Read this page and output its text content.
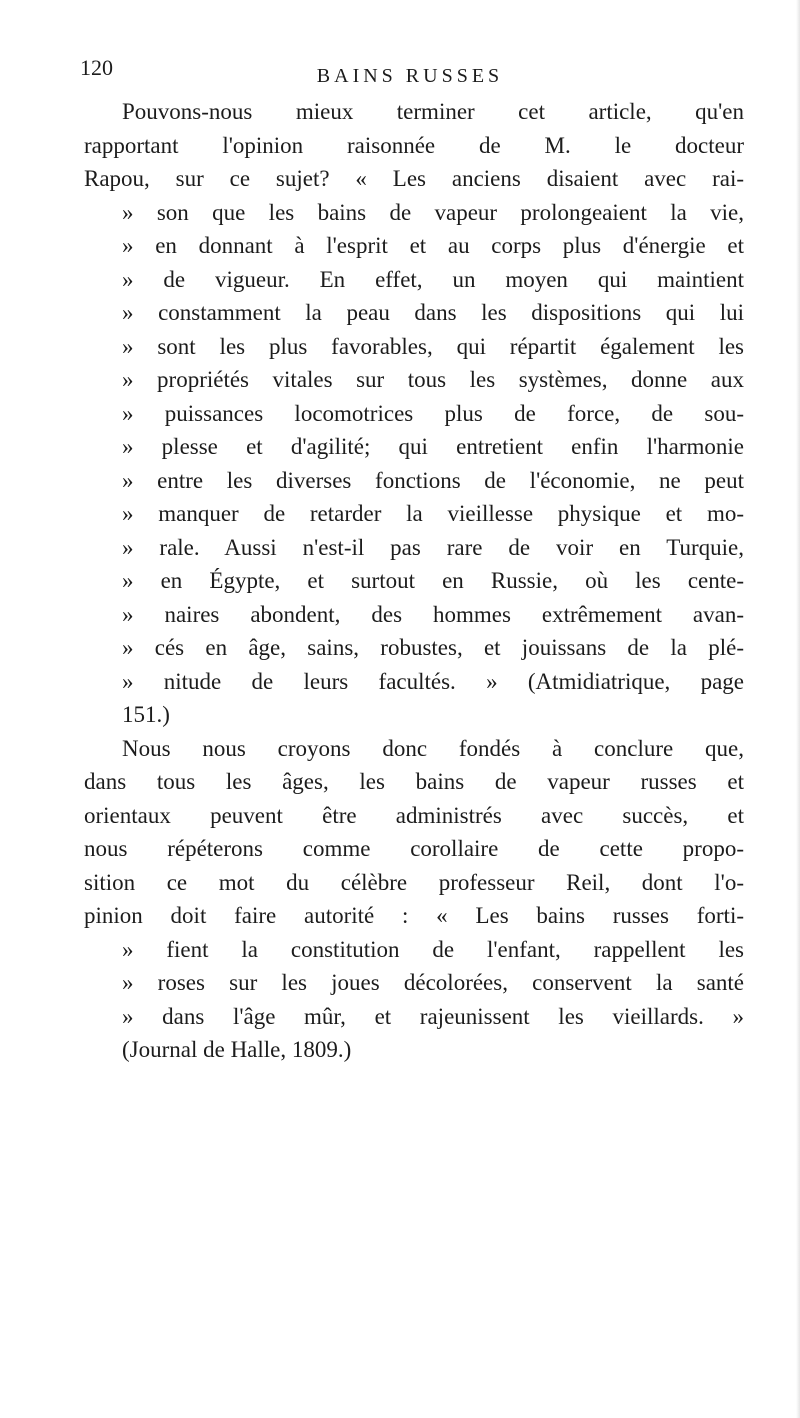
120	BAINS RUSSES
Pouvons-nous mieux terminer cet article, qu'en
rapportant l'opinion raisonnée de M. le docteur
Rapou, sur ce sujet? « Les anciens disaient avec rai-
» son que les bains de vapeur prolongeaient la vie,
» en donnant à l'esprit et au corps plus d'énergie et
» de vigueur. En effet, un moyen qui maintient
» constamment la peau dans les dispositions qui lui
» sont les plus favorables, qui répartit également les
» propriétés vitales sur tous les systèmes, donne aux
» puissances locomotrices plus de force, de sou-
» plesse et d'agilité; qui entretient enfin l'harmonie
» entre les diverses fonctions de l'économie, ne peut
» manquer de retarder la vieillesse physique et mo-
» rale. Aussi n'est-il pas rare de voir en Turquie,
» en Égypte, et surtout en Russie, où les cente-
» naires abondent, des hommes extrêmement avan-
» cés en âge, sains, robustes, et jouissans de la plé-
» nitude de leurs facultés. » (Atmidiatrique, page
151.)
Nous nous croyons donc fondés à conclure que,
dans tous les âges, les bains de vapeur russes et
orientaux peuvent être administrés avec succès, et
nous répéterons comme corollaire de cette propo-
sition ce mot du célèbre professeur Reil, dont l'o-
pinion doit faire autorité : « Les bains russes forti-
» fient la constitution de l'enfant, rappellent les
» roses sur les joues décolorées, conservent la santé
» dans l'âge mûr, et rajeunissent les vieillards. »
(Journal de Halle, 1809.)
